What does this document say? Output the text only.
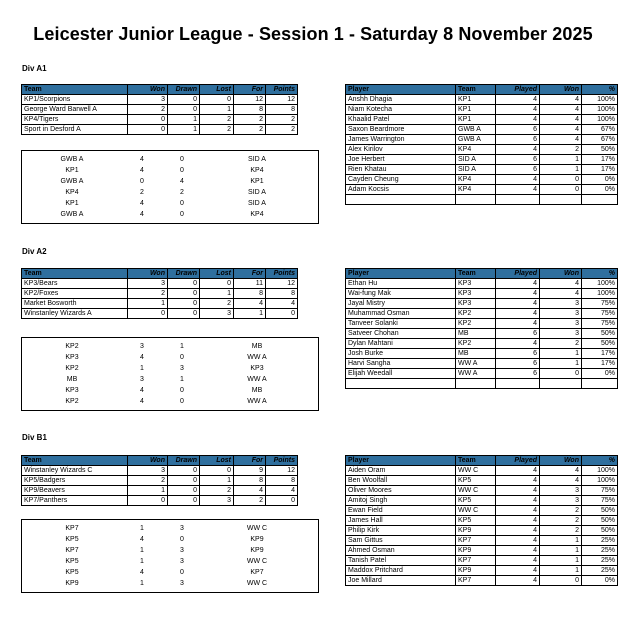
Leicester Junior League - Session 1 - Saturday 8 November 2025
Div A1
Team	Won	Drawn	Lost	For	Points
KP1/Scorpions	3	0	0	12	12
George Ward Barwell A	2	0	1	8	8
KP4/Tigers	0	1	2	2	2
Sport in Desford A	0	1	2	2	2
GWB A	4	0	SID A
KP1	4	0	KP4
GWB A	0	4	KP1
KP4	2	2	SID A
KP1	4	0	SID A
GWB A	4	0	KP4
Player	Team	Played	Won	%
Anshh Dhagia	KP1	4	4	100%
Niam Kotecha	KP1	4	4	100%
Khaalid Patel	KP1	4	4	100%
Saxon Beardmore	GWB A	6	4	67%
James Warrington	GWB A	6	4	67%
Alex Kirilov	KP4	4	2	50%
Joe Herbert	SID A	6	1	17%
Rien Khatau	SID A	6	1	17%
Cayden Cheung	KP4	4	0	0%
Adam Kocsis	KP4	4	0	0%

Div A2
Team	Won	Drawn	Lost	For	Points
KP3/Bears	3	0	0	11	12
KP2/Foxes	2	0	1	8	8
Market Bosworth	1	0	2	4	4
Winstanley Wizards A	0	0	3	1	0
KP2	3	1	MB
KP3	4	0	WW A
KP2	1	3	KP3
MB	3	1	WW A
KP3	4	0	MB
KP2	4	0	WW A
Player	Team	Played	Won	%
Ethan Hu	KP3	4	4	100%
Wai-fung Mak	KP3	4	4	100%
Jayal Mistry	KP3	4	3	75%
Muhammad Osman	KP2	4	3	75%
Tanveer Solanki	KP2	4	3	75%
Satveer Chohan	MB	6	3	50%
Dylan Mahtani	KP2	4	2	50%
Josh Burke	MB	6	1	17%
Harvi Sangha	WW A	6	1	17%
Elijah Weedall	WW A	6	0	0%

Div B1
Team	Won	Drawn	Lost	For	Points
Winstanley Wizards C	3	0	0	9	12
KP5/Badgers	2	0	1	8	8
KP9/Beavers	1	0	2	4	4
KP7/Panthers	0	0	3	2	0
KP7	1	3	WW C
KP5	4	0	KP9
KP7	1	3	KP9
KP5	1	3	WW C
KP5	4	0	KP7
KP9	1	3	WW C
Player	Team	Played	Won	%
Aiden Oram	WW C	4	4	100%
Ben Woolfall	KP5	4	4	100%
Oliver Moores	WW C	4	3	75%
Amitoj Singh	KP5	4	3	75%
Ewan Field	WW C	4	2	50%
James Hall	KP5	4	2	50%
Philip Kirk	KP9	4	2	50%
Sam Gittus	KP7	4	1	25%
Ahmed Osman	KP9	4	1	25%
Tanish Patel	KP7	4	1	25%
Maddox Pritchard	KP9	4	1	25%
Joe Millard	KP7	4	0	0%
